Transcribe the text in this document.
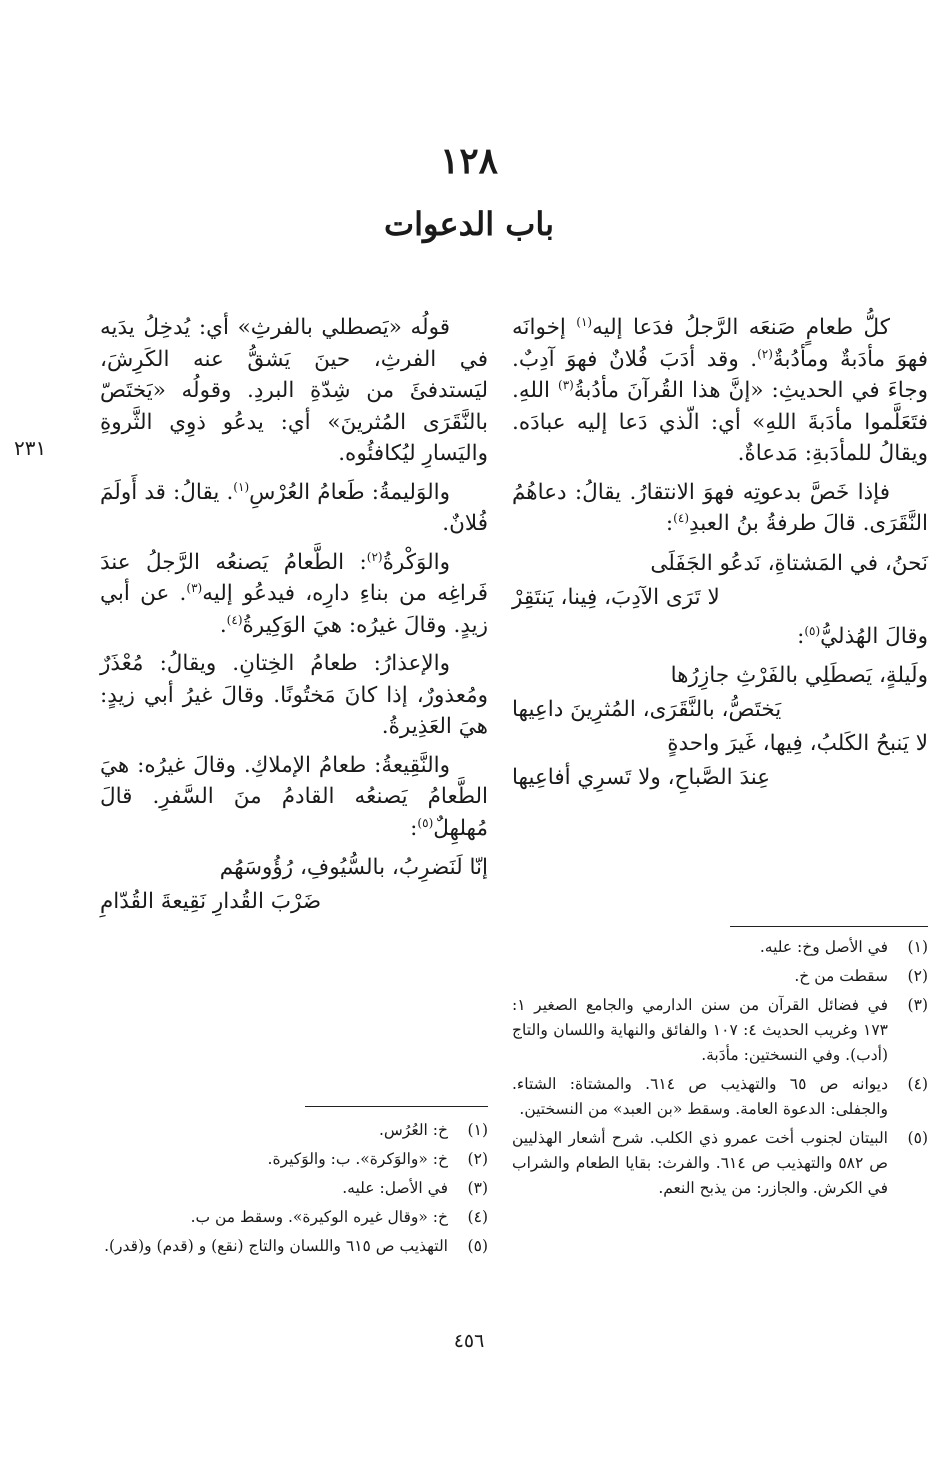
١٢٨
باب الدعوات
٢٣١

كلُّ طعامٍ صَنعَه الرَّجلُ فدَعا إليه$^{(١)}$ إخوانَه فهوَ مأدَبةٌ ومأدُبةٌ$^{(٢)}$. وقد أدَبَ فُلانٌ فهوَ آدِبٌ. وجاءَ في الحديثِ: «إنَّ هذا القُرآنَ مأدُبةُ$^{(٣)}$ اللهِ. فتَعَلَّموا مأدَبةَ اللهِ» أي: الّذي دَعا إليه عبادَه. ويقالُ للمأدَبةِ: مَدعاةٌ.

فإذا خَصَّ بدعوتِه فهوَ الانتقارُ. يقالُ: دعاهُمُ النَّقَرَى. قالَ طرفةُ بنُ العبدِ$^{(٤)}$:

نَحنُ، في المَشتاةِ، نَدعُو الجَفَلَى
لا تَرَى الآدِبَ، فِينا، يَنتَقِرْ

وقالَ الهُذليُّ$^{(٥)}$:

ولَيلةٍ، يَصطَلِي بالفَرْثِ جازِرُها
يَختَصُّ، بالنَّقَرَى، المُثرِينَ داعِيها
لا يَنبحُ الكَلبُ، فِيها، غَيرَ واحدةٍ
عِندَ الصَّباحِ، ولا تَسرِي أفاعِيها

قولُه «يَصطلي بالفرثِ» أي: يُدخِلُ يدَيه في الفرثِ، حينَ يَشقُّ عنه الكَرِشَ، ليَستدفئَ من شِدّةِ البردِ. وقولُه «يَختَصّ بالنَّقَرَى المُثرينَ» أي: يدعُو ذوِي الثَّروةِ واليَسارِ ليُكافئُوه.

والوَليمةُ: طَعامُ العُرْسِ$^{(١)}$. يقالُ: قد أَولَمَ فُلانٌ.

والوَكْرةُ$^{(٢)}$: الطَّعامُ يَصنعُه الرَّجلُ عندَ فَراغِه من بناءِ دارِه، فيدعُو إليه$^{(٣)}$. عن أبي زيدٍ. وقالَ غيرُه: هيَ الوَكِيرةُ$^{(٤)}$.

والإعذارُ: طعامُ الخِتانِ. ويقالُ: مُعْذَرٌ ومُعذورٌ، إذا كانَ مَختُونًا. وقالَ غيرُ أبي زيدٍ: هيَ العَذِيرةُ.

والنَّقِيعةُ: طعامُ الإملاكِ. وقالَ غيرُه: هيَ الطَّعامُ يَصنعُه القادمُ منَ السَّفرِ. قالَ مُهلهِلٌ$^{(٥)}$:

إنّا لَنَضرِبُ، بالسُّيُوفِ، رُؤُوسَهُم
ضَرْبَ القُدارِ نَقِيعةَ القُدّامِ
(١)
في الأصل وخ: عليه.
(٢)
سقطت من خ.
(٣)
في فضائل القرآن من سنن الدارمي والجامع الصغير ١: ١٧٣ وغريب الحديث ٤: ١٠٧ والفائق والنهاية واللسان والتاج (أدب). وفي النسختين: مأدَبة.
(٤)
ديوانه ص ٦٥ والتهذيب ص ٦١٤. والمشتاة: الشتاء. والجفلى: الدعوة العامة. وسقط «بن العبد» من النسختين.
(٥)
البيتان لجنوب أخت عمرو ذي الكلب. شرح أشعار الهذليين ص ٥٨٢ والتهذيب ص ٦١٤. والفرث: بقايا الطعام والشراب في الكرش. والجازر: من يذبح النعم.
(١)
خ: العُرُس.
(٢)
خ: «والوَكرة». ب: والوَكيرة.
(٣)
في الأصل: عليه.
(٤)
خ: «وقال غيره الوكيرة». وسقط من ب.
(٥)
التهذيب ص ٦١٥ واللسان والتاج (نقع) و (قدم) و(قدر).
٤٥٦
